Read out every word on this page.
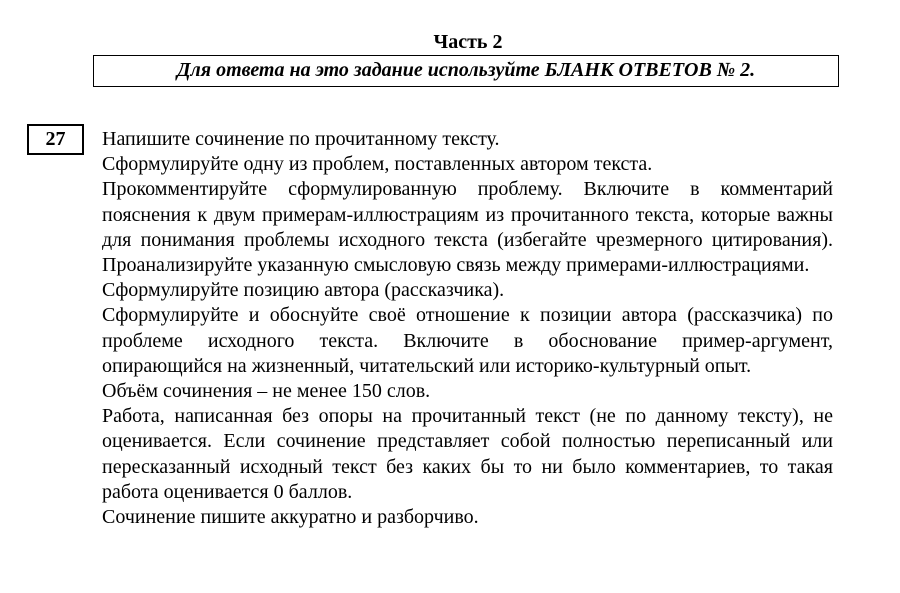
Часть 2
Для ответа на это задание используйте БЛАНК ОТВЕТОВ № 2.
27	Напишите сочинение по прочитанному тексту.

Сформулируйте одну из проблем, поставленных автором текста.

Прокомментируйте сформулированную проблему. Включите в комментарий пояснения к двум примерам-иллюстрациям из прочитанного текста, которые важны для понимания проблемы исходного текста (избегайте чрезмерного цитирования). Проанализируйте указанную смысловую связь между примерами-иллюстрациями.

Сформулируйте позицию автора (рассказчика).

Сформулируйте и обоснуйте своё отношение к позиции автора (рассказчика) по проблеме исходного текста. Включите в обоснование пример-аргумент, опирающийся на жизненный, читательский или историко-культурный опыт.

Объём сочинения – не менее 150 слов.

Работа, написанная без опоры на прочитанный текст (не по данному тексту), не оценивается. Если сочинение представляет собой полностью переписанный или пересказанный исходный текст без каких бы то ни было комментариев, то такая работа оценивается 0 баллов.

Сочинение пишите аккуратно и разборчиво.
